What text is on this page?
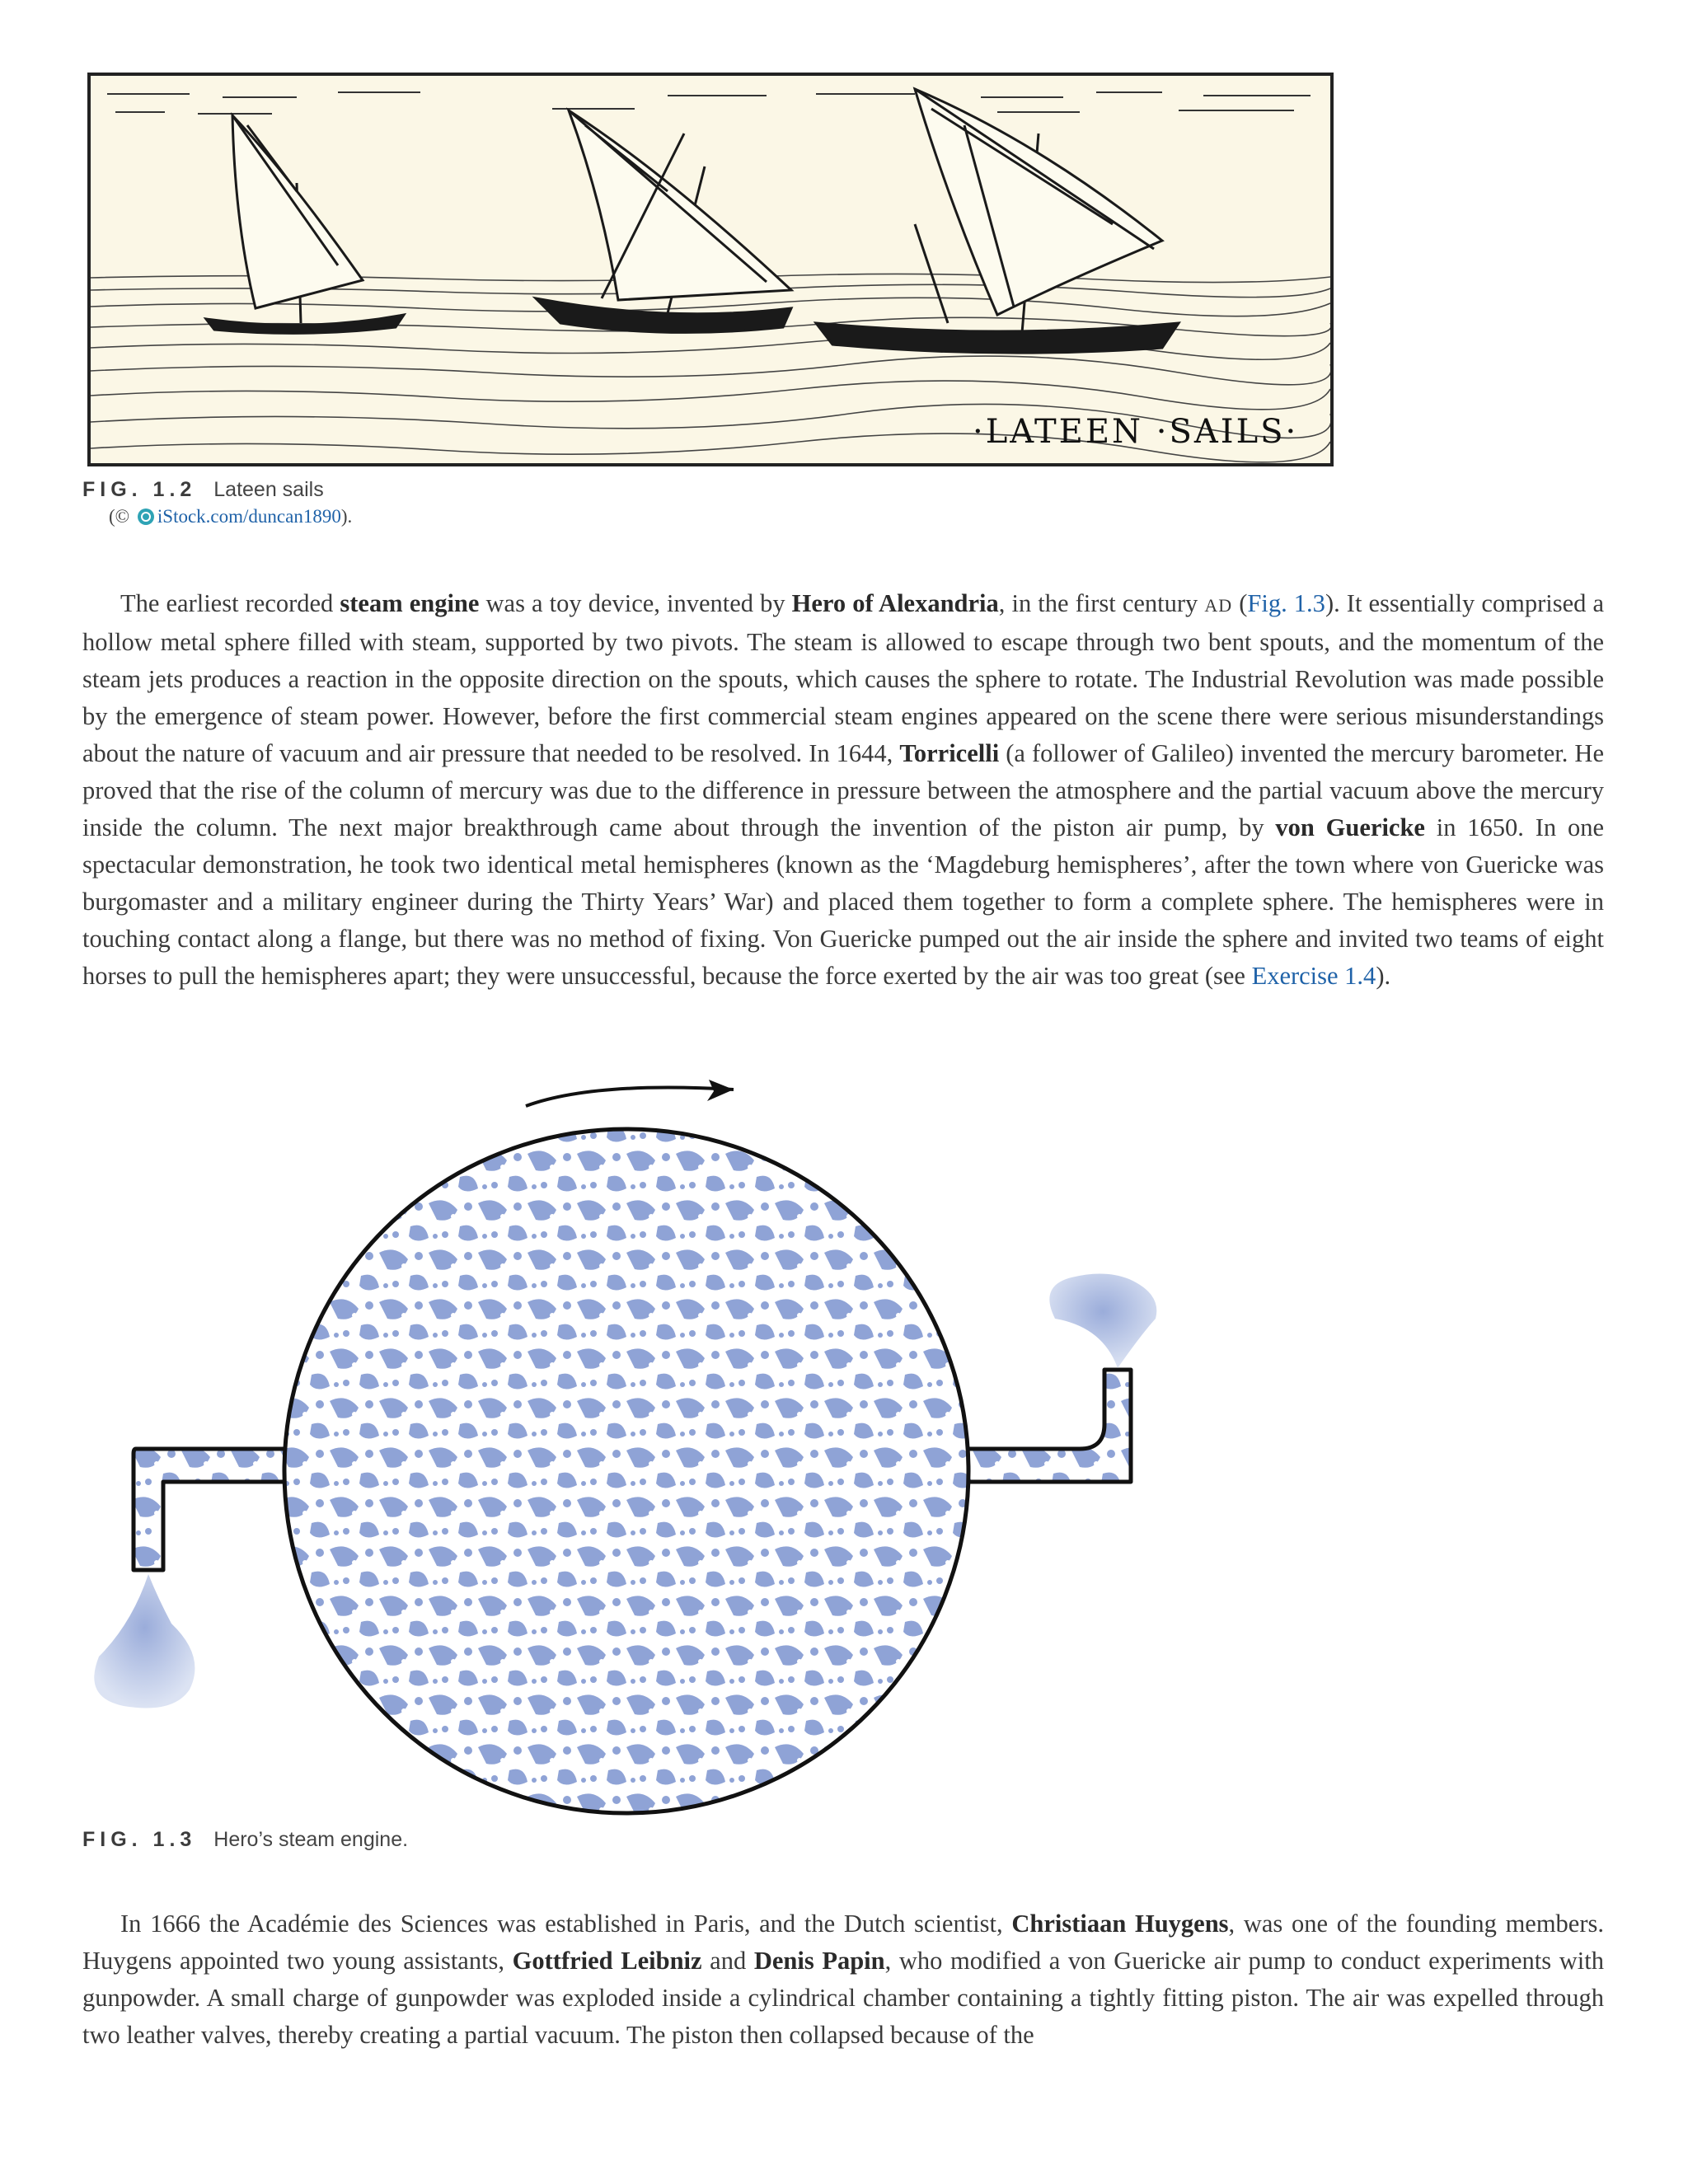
·LATEEN ·SAILS·
FIG. 1.2 Lateen sails
(© iStock.com/duncan1890).
The earliest recorded steam engine was a toy device, invented by Hero of Alexandria, in the first century AD (Fig. 1.3). It essentially comprised a hollow metal sphere filled with steam, supported by two pivots. The steam is allowed to escape through two bent spouts, and the momentum of the steam jets produces a reaction in the opposite direction on the spouts, which causes the sphere to rotate. The Industrial Revolution was made possible by the emergence of steam power. However, before the first commercial steam engines appeared on the scene there were serious misunderstandings about the nature of vacuum and air pressure that needed to be resolved. In 1644, Torricelli (a follower of Galileo) invented the mercury barometer. He proved that the rise of the column of mercury was due to the difference in pressure between the atmosphere and the partial vacuum above the mercury inside the column. The next major breakthrough came about through the invention of the piston air pump, by von Guericke in 1650. In one spectacular demonstration, he took two identical metal hemispheres (known as the ‘Magdeburg hemispheres’, after the town where von Guericke was burgomaster and a military engineer during the Thirty Years’ War) and placed them together to form a complete sphere. The hemispheres were in touching contact along a flange, but there was no method of fixing. Von Guericke pumped out the air inside the sphere and invited two teams of eight horses to pull the hemispheres apart; they were unsuccessful, because the force exerted by the air was too great (see Exercise 1.4).
FIG. 1.3 Hero’s steam engine.
In 1666 the Académie des Sciences was established in Paris, and the Dutch scientist, Christiaan Huygens, was one of the founding members. Huygens appointed two young assistants, Gottfried Leibniz and Denis Papin, who modified a von Guericke air pump to conduct experiments with gunpowder. A small charge of gunpowder was exploded inside a cylindrical chamber containing a tightly fitting piston. The air was expelled through two leather valves, thereby creating a partial vacuum. The piston then collapsed because of the
